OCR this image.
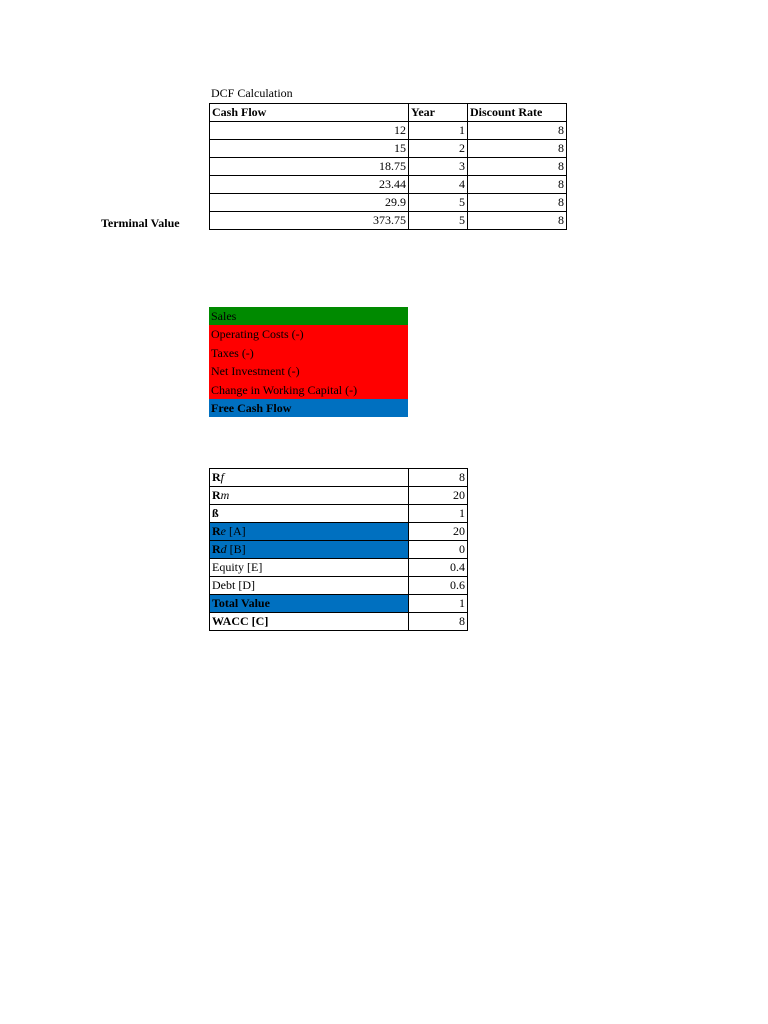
DCF Calculation
Terminal Value
Cash Flow	Year	Discount Rate
12	1	8
15	2	8
18.75	3	8
23.44	4	8
29.9	5	8
373.75	5	8
Sales
Operating Costs (-)
Taxes (-)
Net Investment (-)
Change in Working Capital (-)
Free Cash Flow
Rf	8
Rm	20
ß	1
Re [A]	20
Rd [B]	0
Equity [E]	0.4
Debt [D]	0.6
Total Value	1
WACC [C]	8
